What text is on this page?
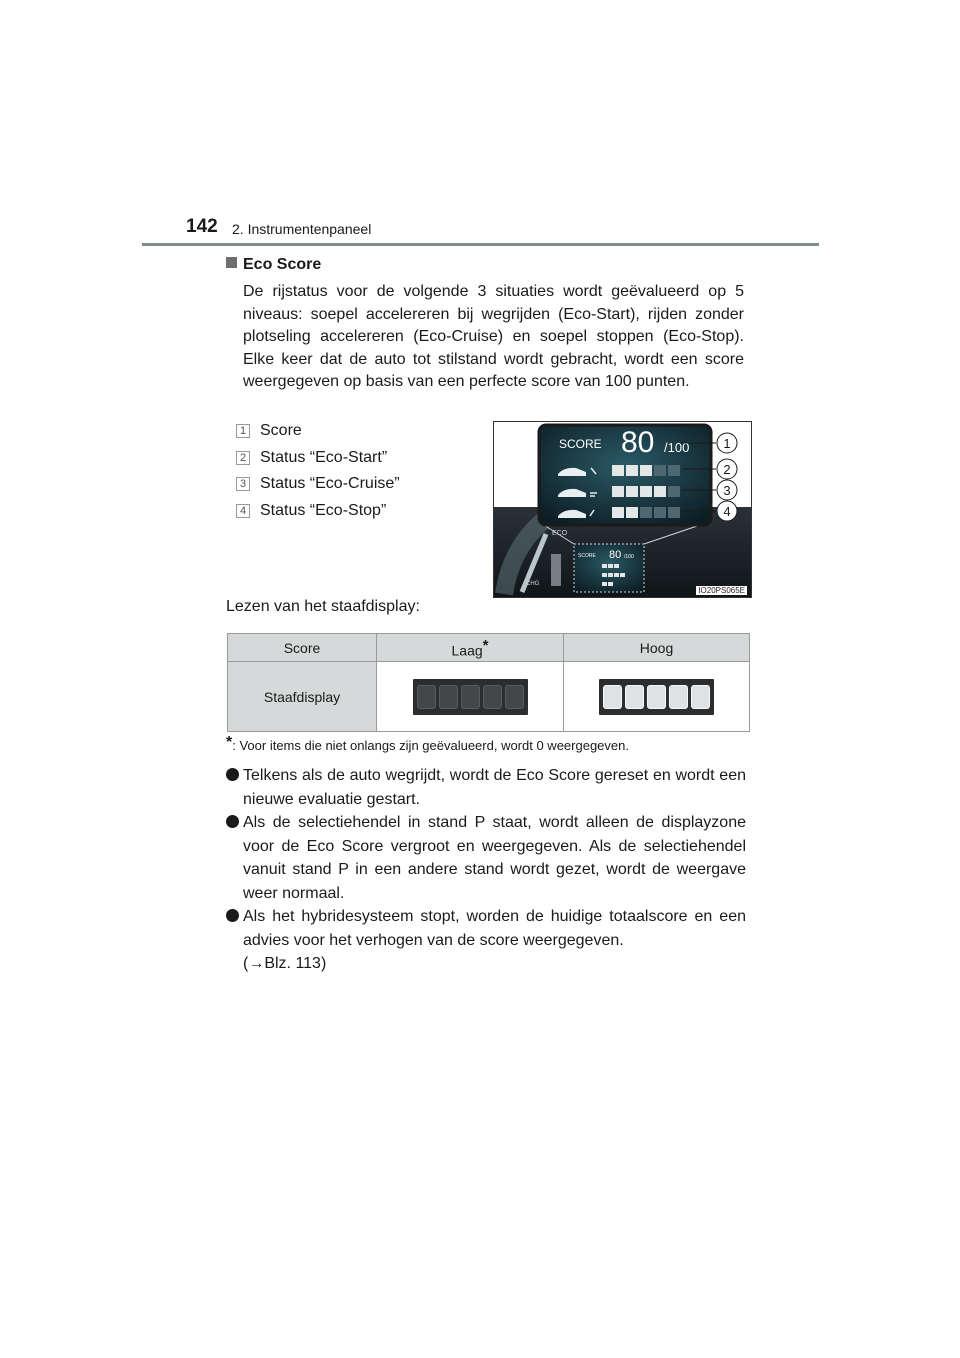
142 2. Instrumentenpaneel
Eco Score
De rijstatus voor de volgende 3 situaties wordt geëvalueerd op 5 niveaus: soepel accelereren bij wegrijden (Eco-Start), rijden zonder plotseling accelereren (Eco-Cruise) en soepel stoppen (Eco-Stop). Elke keer dat de auto tot stilstand wordt gebracht, wordt een score weergegeven op basis van een perfecte score van 100 punten.
1 Score
2 Status “Eco-Start”
3 Status “Eco-Cruise”
4 Status “Eco-Stop”
ECO
CHG
SCORE 80 /100
SCORE 80 /100	1
2
3
4
IO20PS065E
Lezen van het staafdisplay:
Score	Laag*	Hoog
Staafdisplay	

*: Voor items die niet onlangs zijn geëvalueerd, wordt 0 weergegeven.
Telkens als de auto wegrijdt, wordt de Eco Score gereset en wordt een nieuwe evaluatie gestart.
Als de selectiehendel in stand P staat, wordt alleen de displayzone voor de Eco Score vergroot en weergegeven. Als de selectiehendel vanuit stand P in een andere stand wordt gezet, wordt de weergave weer normaal.
Als het hybridesysteem stopt, worden de huidige totaalscore en een advies voor het verhogen van de score weergegeven.
(→Blz. 113)
